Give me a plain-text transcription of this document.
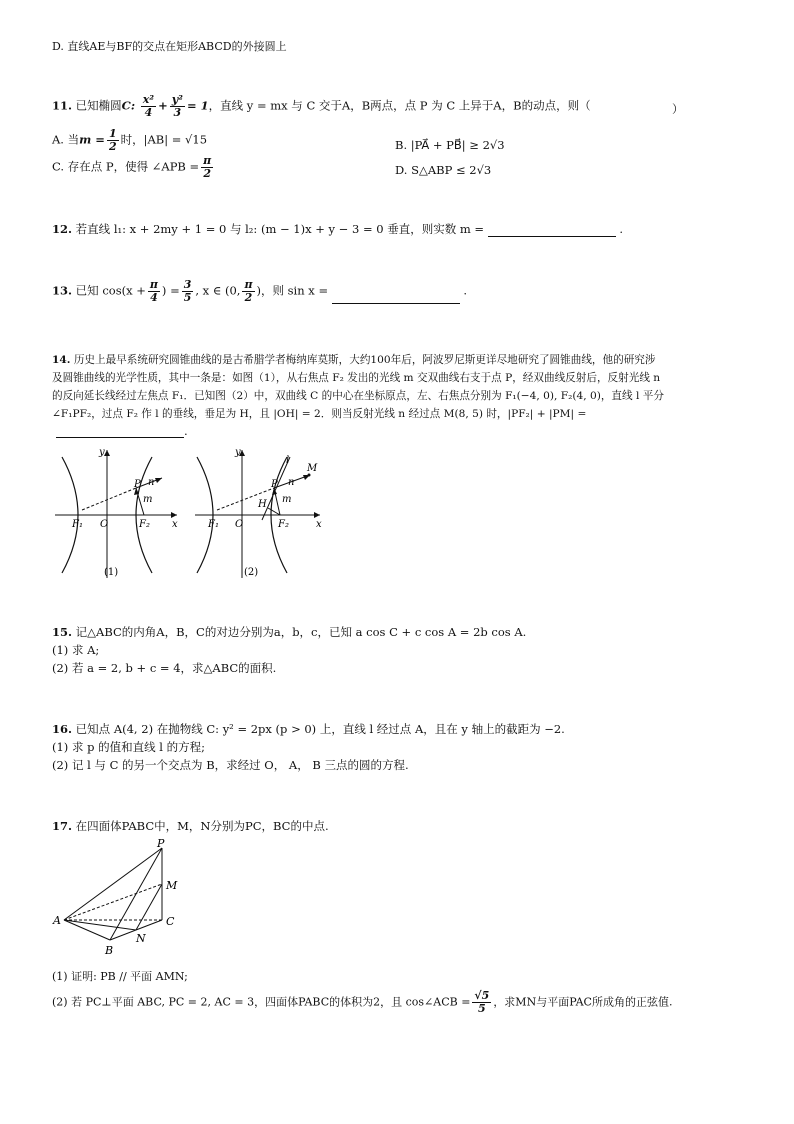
D. 直线AE与BF的交点在矩形ABCD的外接圆上
11. 已知椭圆C: $\frac{\text{x²}}{4} + \frac{\text{y²}}{3} = 1$，直线 y = mx 与 C 交于A，B两点，点 P 为 C 上异于A，B的动点，则（	）
A. 当$m = \frac{1}{2}$ 时，|AB| = √15	B. |PA⃗ + PB⃗| ≥ 2√3
C. 存在点 P，使得 ∠APB = $\frac{\pi}{2}$	D. S△ABP ≤ 2√3
12. 若直线 l₁: x + 2my + 1 = 0 与 l₂: (m − 1)x + y − 3 = 0 垂直，则实数 m =	.
13. 已知 $\cos(x + \frac{\pi}{4}$ ) = $\frac{3}{5}$ , x ∈ (0, $\frac{\pi}{2}$ )，则 sin x =	.
14. 历史上最早系统研究圆锥曲线的是古希腊学者梅纳库莫斯，大约100年后，阿波罗尼斯更详尽地研究了圆锥曲线，他的研究涉
及圆锥曲线的光学性质，其中一条是：如图（1），从右焦点 F₂ 发出的光线 m 交双曲线右支于点 P，经双曲线反射后，反射光线 n
的反向延长线经过左焦点 F₁．已知图（2）中，双曲线 C 的中心在坐标原点，左、右焦点分别为 F₁(−4, 0), F₂(4, 0)，直线 l 平分
∠F₁PF₂，过点 F₂ 作 l 的垂线，垂足为 H，且 |OH| = 2．则当反射光线 n 经过点 M(8, 5) 时，|PF₂| + |PM| =
.
P n
m
y
x
O
F₁	F₂
(1)
P n
m
l
M
H
y
x
O
F₁	F₂
(2)
15. 记△ABC的内角A，B，C的对边分别为a，b，c，已知 a cos C + c cos A = 2b cos A.
(1) 求 A;
(2) 若 a = 2, b + c = 4，求△ABC的面积.
16. 已知点 A(4, 2) 在抛物线 C: y² = 2px (p > 0) 上，直线 l 经过点 A，且在 y 轴上的截距为 −2.
(1) 求 p 的值和直线 l 的方程;
(2) 记 l 与 C 的另一个交点为 B，求经过 O， A， B 三点的圆的方程.
17. 在四面体PABC中，M，N分别为PC，BC的中点.
P
M
A	C
N
B
(1) 证明: PB // 平面 AMN;
(2) 若 PC⊥平面 ABC, PC = 2, AC = 3，四面体PABC的体积为2，且 cos∠ACB = $\frac{√5}{5}$ ，求MN与平面PAC所成角的正弦值.
